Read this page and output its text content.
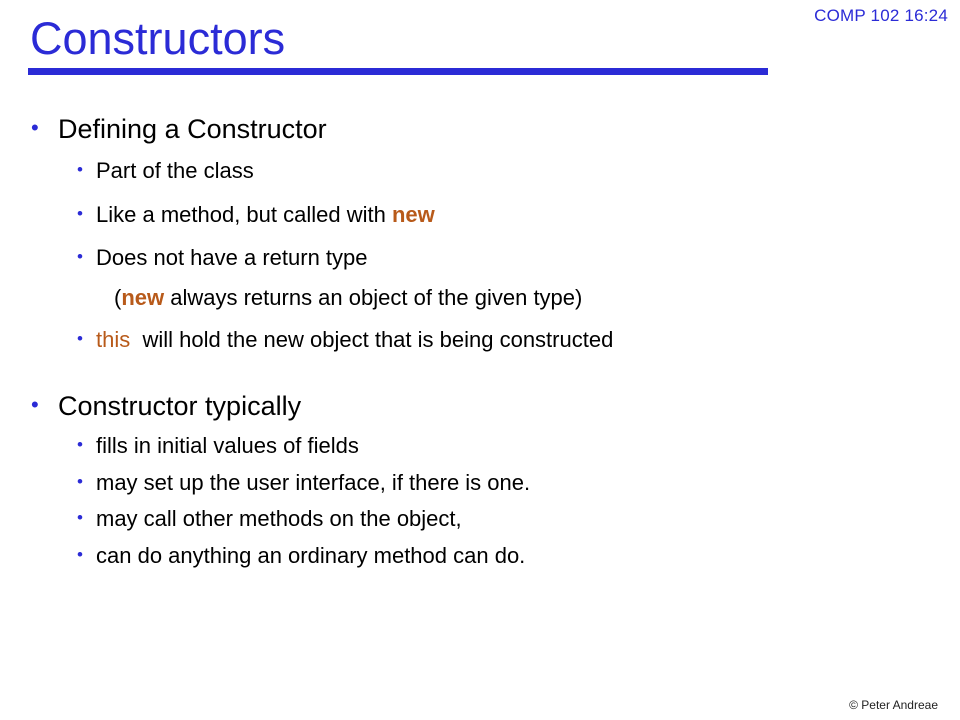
COMP 102 16:24
Constructors
• Defining a Constructor
• Part of the class
• Like a method, but called with new
• Does not have a return type
(new always returns an object of the given type)
• this  will hold the new object that is being constructed
• Constructor typically
• fills in initial values of fields
• may set up the user interface, if there is one.
• may call other methods on the object,
• can do anything an ordinary method can do.
© Peter Andreae
